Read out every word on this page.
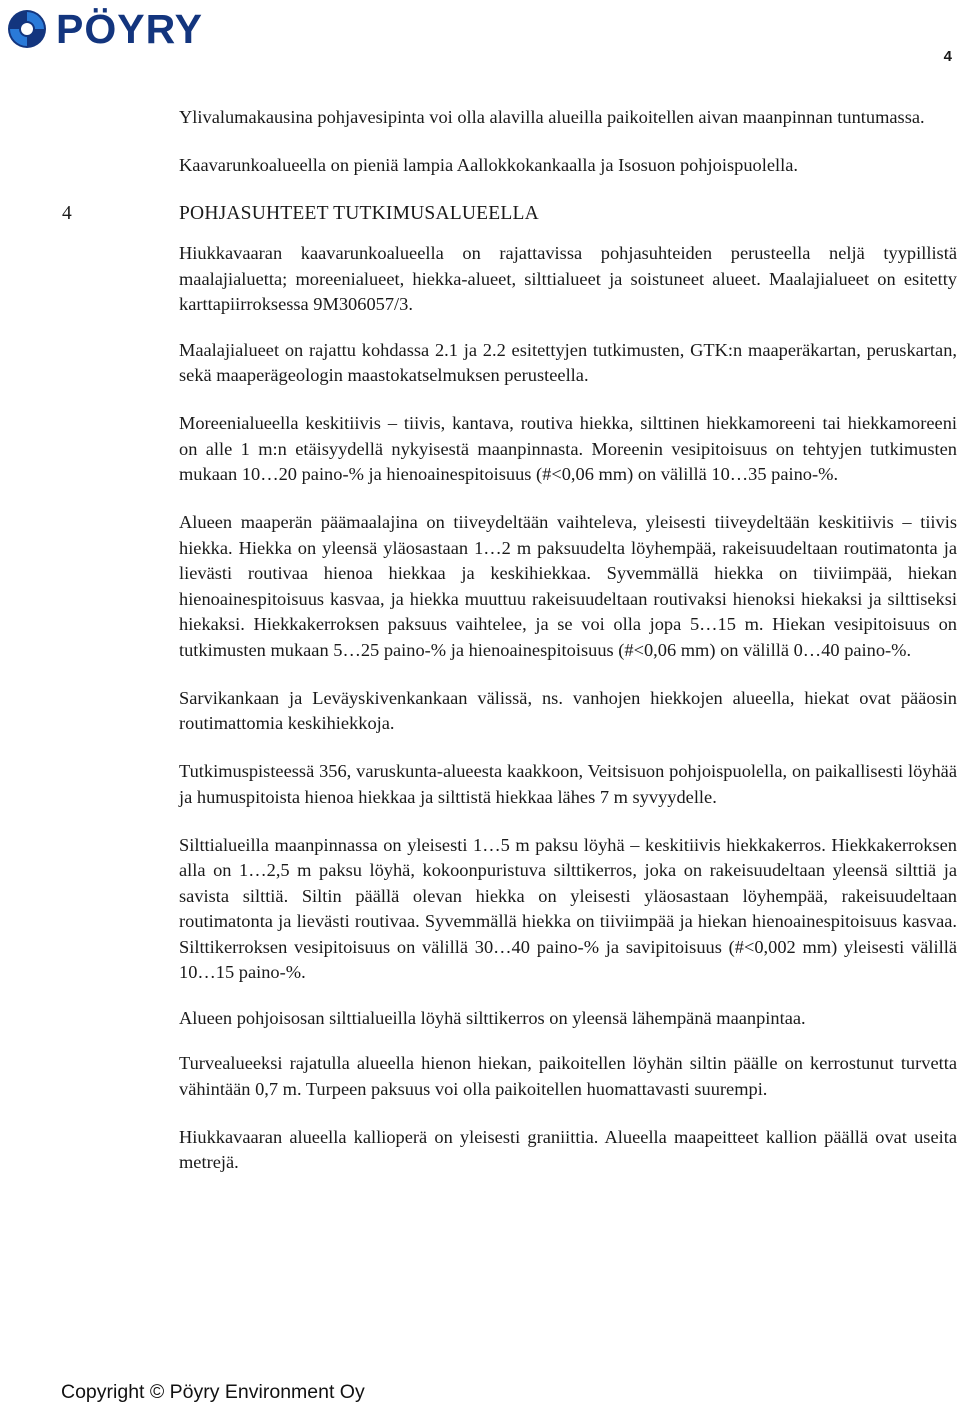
PÖYRY
4

Ylivalumakausina pohjavesipinta voi olla alavilla alueilla paikoitellen aivan maanpinnan tuntumassa.

Kaavarunkoalueella on pieniä lampia Aallokkokankaalla ja Isosuon pohjoispuolella.

4	POHJASUHTEET TUTKIMUSALUEELLA

Hiukkavaaran kaavarunkoalueella on rajattavissa pohjasuhteiden perusteella neljä tyypillistä maalajialuetta; moreenialueet, hiekka-alueet, silttialueet ja soistuneet alueet. Maalajialueet on esitetty karttapiirroksessa 9M306057/3.

Maalajialueet on rajattu kohdassa 2.1 ja 2.2 esitettyjen tutkimusten, GTK:n maaperäkartan, peruskartan, sekä maaperägeologin maastokatselmuksen perusteella.

Moreenialueella keskitiivis – tiivis, kantava, routiva hiekka, silttinen hiekkamoreeni tai hiekkamoreeni on alle 1 m:n etäisyydellä nykyisestä maanpinnasta. Moreenin vesipitoisuus on tehtyjen tutkimusten mukaan 10…20 paino-% ja hienoainespitoisuus (#<0,06 mm) on välillä 10…35 paino-%.

Alueen maaperän päämaalajina on tiiveydeltään vaihteleva, yleisesti tiiveydeltään keskitiivis – tiivis hiekka. Hiekka on yleensä yläosastaan 1…2 m paksuudelta löyhempää, rakeisuudeltaan routimatonta ja lievästi routivaa hienoa hiekkaa ja keskihiekkaa. Syvemmällä hiekka on tiiviimpää, hiekan hienoainespitoisuus kasvaa, ja hiekka muuttuu rakeisuudeltaan routivaksi hienoksi hiekaksi ja silttiseksi hiekaksi. Hiekkakerroksen paksuus vaihtelee, ja se voi olla jopa 5…15 m. Hiekan vesipitoisuus on tutkimusten mukaan 5…25 paino-% ja hienoainespitoisuus (#<0,06 mm) on välillä 0…40 paino-%.

Sarvikankaan ja Leväyskivenkankaan välissä, ns. vanhojen hiekkojen alueella, hiekat ovat pääosin routimattomia keskihiekkoja.

Tutkimuspisteessä 356, varuskunta-alueesta kaakkoon, Veitsisuon pohjoispuolella, on paikallisesti löyhää ja humuspitoista hienoa hiekkaa ja silttistä hiekkaa lähes 7 m syvyydelle.

Silttialueilla maanpinnassa on yleisesti 1…5 m paksu löyhä – keskitiivis hiekkakerros. Hiekkakerroksen alla on 1…2,5 m paksu löyhä, kokoonpuristuva silttikerros, joka on rakeisuudeltaan yleensä silttiä ja savista silttiä. Siltin päällä olevan hiekka on yleisesti yläosastaan löyhempää, rakeisuudeltaan routimatonta ja lievästi routivaa. Syvemmällä hiekka on tiiviimpää ja hiekan hienoainespitoisuus kasvaa. Silttikerroksen vesipitoisuus on välillä 30…40 paino-% ja savipitoisuus (#<0,002 mm) yleisesti välillä 10…15 paino-%.

Alueen pohjoisosan silttialueilla löyhä silttikerros on yleensä lähempänä maanpintaa.

Turvealueeksi rajatulla alueella hienon hiekan, paikoitellen löyhän siltin päälle on kerrostunut turvetta vähintään 0,7 m. Turpeen paksuus voi olla paikoitellen huomattavasti suurempi.

Hiukkavaaran alueella kallioperä on yleisesti graniittia. Alueella maapeitteet kallion päällä ovat useita metrejä.

Copyright © Pöyry Environment Oy
